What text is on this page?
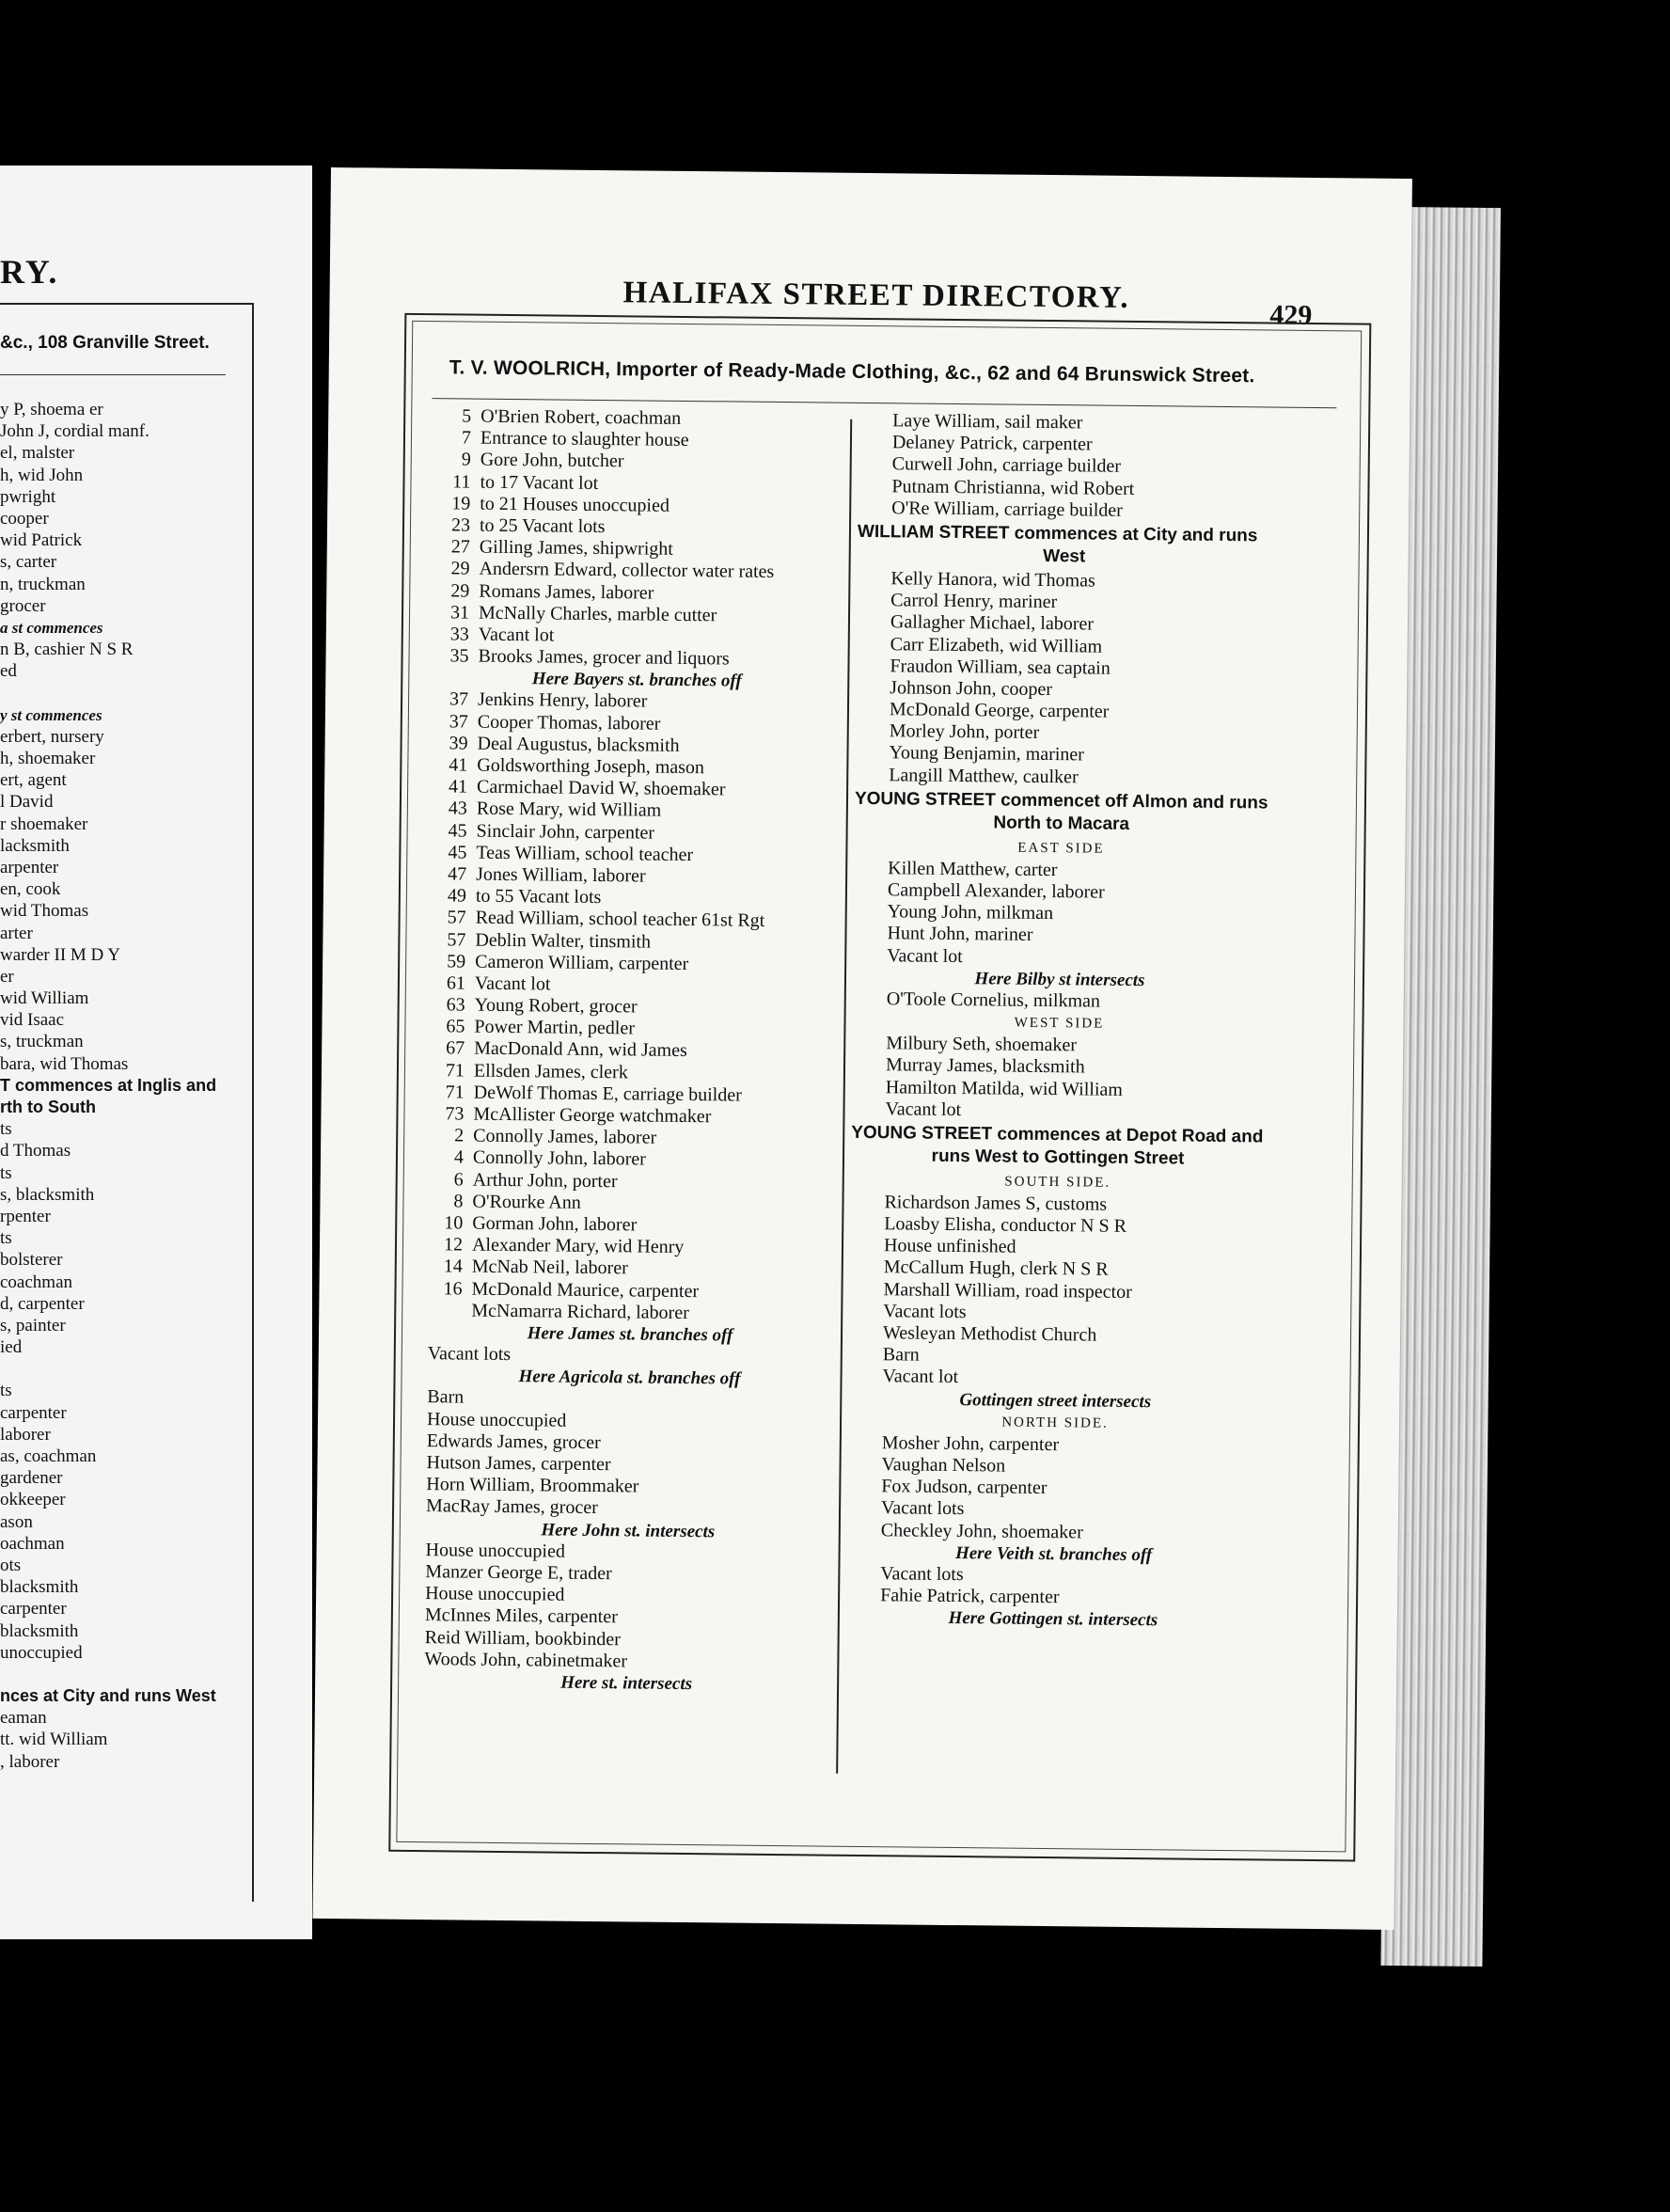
RY.
&c., 108 Granville Street.
y P, shoema er
John J, cordial manf.
el, malster
h, wid John
pwright
cooper
wid Patrick
s, carter
n, truckman
grocer
a st commences
n B, cashier N S R
ed
y st commences
erbert, nursery
h, shoemaker
ert, agent
l David
r shoemaker
lacksmith
arpenter
en, cook
wid Thomas
arter
warder II M D Y
er
wid William
vid Isaac
s, truckman
bara, wid Thomas
T commences at Inglis and
rth to South
ts
d Thomas
ts
s, blacksmith
rpenter
ts
bolsterer
coachman
d, carpenter
s, painter
ied
ts
carpenter
laborer
as, coachman
gardener
okkeeper
ason
oachman
ots
blacksmith
carpenter
blacksmith
unoccupied
nces at City and runs West
eaman
tt. wid William
, laborer
HALIFAX STREET DIRECTORY.
429
T. V. WOOLRICH, Importer of Ready-Made Clothing, &c., 62 and 64 Brunswick Street.
5 O'Brien Robert, coachman
7 Entrance to slaughter house
9 Gore John, butcher
11 to 17 Vacant lot
19 to 21 Houses unoccupied
23 to 25 Vacant lots
27 Gilling James, shipwright
29 Andersrn Edward, collector water rates
29 Romans James, laborer
31 McNally Charles, marble cutter
33 Vacant lot
35 Brooks James, grocer and liquors
Here Bayers st. branches off
37 Jenkins Henry, laborer
37 Cooper Thomas, laborer
39 Deal Augustus, blacksmith
41 Goldsworthing Joseph, mason
41 Carmichael David W, shoemaker
43 Rose Mary, wid William
45 Sinclair John, carpenter
45 Teas William, school teacher
47 Jones William, laborer
49 to 55 Vacant lots
57 Read William, school teacher 61st Rgt
57 Deblin Walter, tinsmith
59 Cameron William, carpenter
61 Vacant lot
63 Young Robert, grocer
65 Power Martin, pedler
67 MacDonald Ann, wid James
71 Ellsden James, clerk
71 DeWolf Thomas E, carriage builder
73 McAllister George watchmaker
2 Connolly James, laborer
4 Connolly John, laborer
6 Arthur John, porter
8 O'Rourke Ann
10 Gorman John, laborer
12 Alexander Mary, wid Henry
14 McNab Neil, laborer
16 McDonald Maurice, carpenter
McNamarra Richard, laborer
Here James st. branches off
Vacant lots
Here Agricola st. branches off
Barn
House unoccupied
Edwards James, grocer
Hutson James, carpenter
Horn William, Broommaker
MacRay James, grocer
Here John st. intersects
House unoccupied
Manzer George E, trader
House unoccupied
McInnes Miles, carpenter
Reid William, bookbinder
Woods John, cabinetmaker
Here st. intersects
Laye William, sail maker
Delaney Patrick, carpenter
Curwell John, carriage builder
Putnam Christianna, wid Robert
O'Re William, carriage builder
WILLIAM STREET commences at City and runs
West
Kelly Hanora, wid Thomas
Carrol Henry, mariner
Gallagher Michael, laborer
Carr Elizabeth, wid William
Fraudon William, sea captain
Johnson John, cooper
McDonald George, carpenter
Morley John, porter
Young Benjamin, mariner
Langill Matthew, caulker
YOUNG STREET commencet off Almon and runs
North to Macara
EAST SIDE
Killen Matthew, carter
Campbell Alexander, laborer
Young John, milkman
Hunt John, mariner
Vacant lot
Here Bilby st intersects
O'Toole Cornelius, milkman
WEST SIDE
Milbury Seth, shoemaker
Murray James, blacksmith
Hamilton Matilda, wid William
Vacant lot
YOUNG STREET commences at Depot Road and
runs West to Gottingen Street
SOUTH SIDE.
Richardson James S, customs
Loasby Elisha, conductor N S R
House unfinished
McCallum Hugh, clerk N S R
Marshall William, road inspector
Vacant lots
Wesleyan Methodist Church
Barn
Vacant lot
Gottingen street intersects
NORTH SIDE.
Mosher John, carpenter
Vaughan Nelson
Fox Judson, carpenter
Vacant lots
Checkley John, shoemaker
Here Veith st. branches off
Vacant lots
Fahie Patrick, carpenter
Here Gottingen st. intersects
